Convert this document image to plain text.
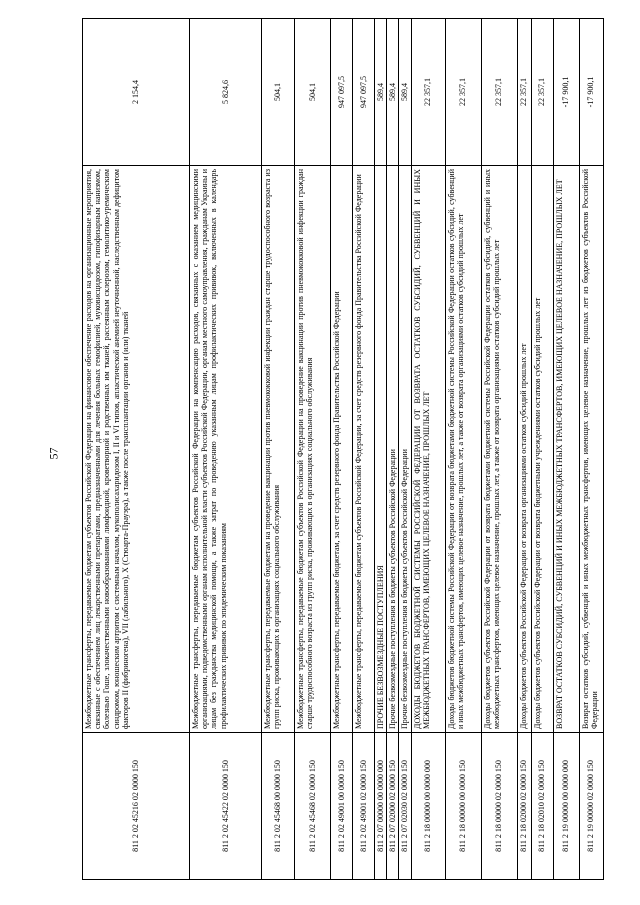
57
811 2 02 45216 02 0000 150	Межбюджетные трансферты, передаваемые бюджетам субъектов Российской Федерации на финансовое обеспечение расходов на организационные мероприятия, связанные с обеспечением лиц лекарственными препаратами, предназначенными для лечения больных гемофилией, муковисцидозом, гипофизарным нанизмом, болезнью Гоше, злокачественными новообразованиями лимфоидной, кроветворной и родственных им тканей, рассеянным склерозом, гемолитико-уремическим синдромом, юношеским артритом с системным началом, мукополисахаридозом I, II и VI типов, апластической анемией неуточненной, наследственным дефицитом факторов II (фибриногена), VII (лабильного), X (Стюарта-Прауэра), а также после трансплантации органов и (или) тканей	2 154,4
811 2 02 45422 02 0000 150	Межбюджетные трансферты, передаваемые бюджетам субъектов Российской Федерации на компенсацию расходов, связанных с оказанием медицинскими организациями, подведомственными органам исполнительной власти субъектов Российской Федерации, органам местного самоуправления, гражданам Украины и лицам без гражданства медицинской помощи, а также затрат по проведению указанным лицам профилактических прививок, включенных в календарь профилактических прививок по эпидемическим показаниям	5 824,6
811 2 02 45468 00 0000 150	Межбюджетные трансферты, передаваемые бюджетам на проведение вакцинации против пневмококковой инфекции граждан старше трудоспособного возраста из групп риска, проживающих в организациях социального обслуживания	504,1
811 2 02 45468 02 0000 150	Межбюджетные трансферты, передаваемые бюджетам субъектов Российской Федерации на проведение вакцинации против пневмококковой инфекции граждан старше трудоспособного возраста из групп риска, проживающих в организациях социального обслуживания	504,1
811 2 02 49001 00 0000 150	Межбюджетные трансферты, передаваемые бюджетам, за счет средств резервного фонда Правительства Российской Федерации	947 097,5
811 2 02 49001 02 0000 150	Межбюджетные трансферты, передаваемые бюджетам субъектов Российской Федерации, за счет средств резервного фонда Правительства Российской Федерации	947 097,5
811 2 07 00000 00 0000 000	ПРОЧИЕ БЕЗВОЗМЕЗДНЫЕ ПОСТУПЛЕНИЯ	589,4
811 2 07 02000 02 0000 150	Прочие безвозмездные поступления в бюджеты субъектов Российской Федерации	589,4
811 2 07 02030 02 0000 150	Прочие безвозмездные поступления в бюджеты субъектов Российской Федерации	589,4
811 2 18 00000 00 0000 000	ДОХОДЫ БЮДЖЕТОВ БЮДЖЕТНОЙ СИСТЕМЫ РОССИЙСКОЙ ФЕДЕРАЦИИ ОТ ВОЗВРАТА ОСТАТКОВ СУБСИДИЙ, СУБВЕНЦИЙ И ИНЫХ МЕЖБЮДЖЕТНЫХ ТРАНСФЕРТОВ, ИМЕЮЩИХ ЦЕЛЕВОЕ НАЗНАЧЕНИЕ, ПРОШЛЫХ ЛЕТ	22 357,1
811 2 18 00000 00 0000 150	Доходы бюджетов бюджетной системы Российской Федерации от возврата бюджетами бюджетной системы Российской Федерации остатков субсидий, субвенций и иных межбюджетных трансфертов, имеющих целевое назначение, прошлых лет, а также от возврата организациями остатков субсидий прошлых лет	22 357,1
811 2 18 00000 02 0000 150	Доходы бюджетов субъектов Российской Федерации от возврата бюджетами бюджетной системы Российской Федерации остатков субсидий, субвенций и иных межбюджетных трансфертов, имеющих целевое назначение, прошлых лет, а также от возврата организациями остатков субсидий прошлых лет	22 357,1
811 2 18 02000 02 0000 150	Доходы бюджетов субъектов Российской Федерации от возврата организациями остатков субсидий прошлых лет	22 357,1
811 2 18 02010 02 0000 150	Доходы бюджетов субъектов Российской Федерации от возврата бюджетными учреждениями остатков субсидий прошлых лет	22 357,1
811 2 19 00000 00 0000 000	ВОЗВРАТ ОСТАТКОВ СУБСИДИЙ, СУБВЕНЦИЙ И ИНЫХ МЕЖБЮДЖЕТНЫХ ТРАНСФЕРТОВ, ИМЕЮЩИХ ЦЕЛЕВОЕ НАЗНАЧЕНИЕ, ПРОШЛЫХ ЛЕТ	-17 900,1
811 2 19 00000 02 0000 150	Возврат остатков субсидий, субвенций и иных межбюджетных трансфертов, имеющих целевое назначение, прошлых лет из бюджетов субъектов Российской Федерации	-17 900,1
